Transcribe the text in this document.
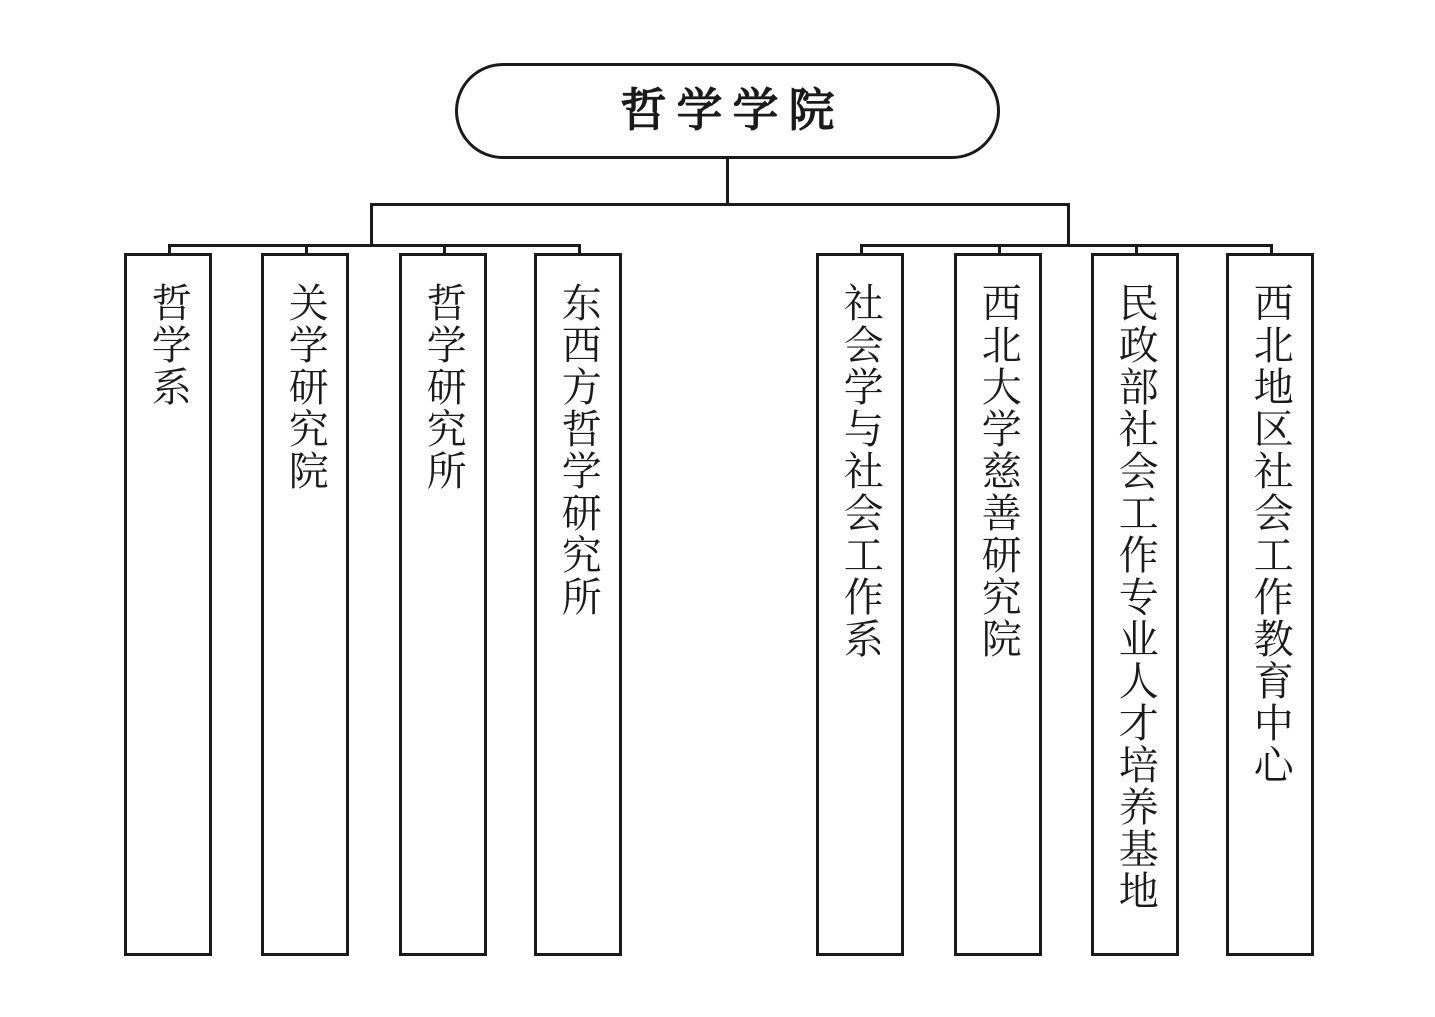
哲学学院
哲学系 关学研究院 哲学研究所 东西方哲学研究所	社会学与社会工作系 西北大学慈善研究院 民政部社会工作专业人才培养基地 西北地区社会工作教育中心
